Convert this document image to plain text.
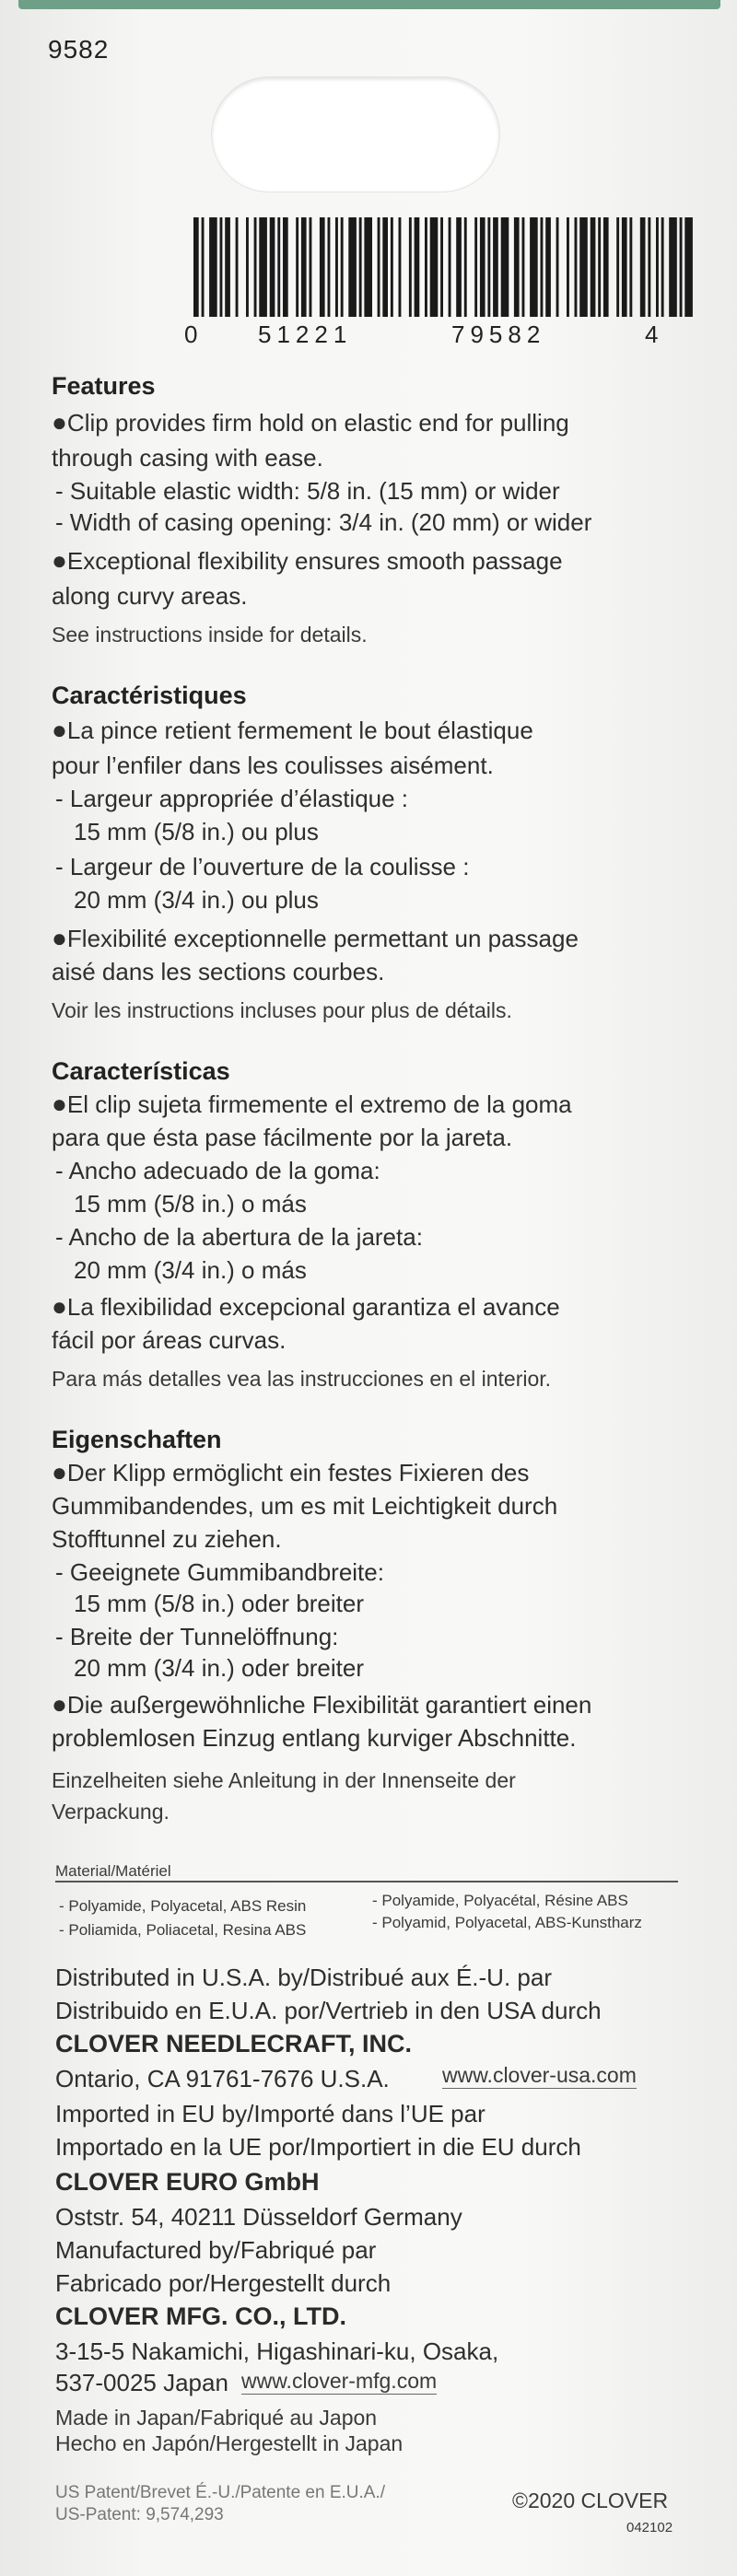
9582
0 51221	79582	4
Features
●Clip provides firm hold on elastic end for pulling
through casing with ease.
- Suitable elastic width: 5/8 in. (15 mm) or wider
- Width of casing opening: 3/4 in. (20 mm) or wider
●Exceptional flexibility ensures smooth passage
along curvy areas.
See instructions inside for details.
Caractéristiques
●La pince retient fermement le bout élastique
pour l’enfiler dans les coulisses aisément.
- Largeur appropriée d’élastique :
15 mm (5/8 in.) ou plus
- Largeur de l’ouverture de la coulisse :
20 mm (3/4 in.) ou plus
●Flexibilité exceptionnelle permettant un passage
aisé dans les sections courbes.
Voir les instructions incluses pour plus de détails.
Características
●El clip sujeta firmemente el extremo de la goma
para que ésta pase fácilmente por la jareta.
- Ancho adecuado de la goma:
15 mm (5/8 in.) o más
- Ancho de la abertura de la jareta:
20 mm (3/4 in.) o más
●La flexibilidad excepcional garantiza el avance
fácil por áreas curvas.
Para más detalles vea las instrucciones en el interior.
Eigenschaften
●Der Klipp ermöglicht ein festes Fixieren des
Gummibandendes, um es mit Leichtigkeit durch
Stofftunnel zu ziehen.
- Geeignete Gummibandbreite:
15 mm (5/8 in.) oder breiter
- Breite der Tunnelöffnung:
20 mm (3/4 in.) oder breiter
●Die außergewöhnliche Flexibilität garantiert einen
problemlosen Einzug entlang kurviger Abschnitte.
Einzelheiten siehe Anleitung in der Innenseite der
Verpackung.
Material/Matériel
- Polyamide, Polyacetal, ABS Resin
- Poliamida, Poliacetal, Resina ABS
- Polyamide, Polyacétal, Résine ABS
- Polyamid, Polyacetal, ABS-Kunstharz
Distributed in U.S.A. by/Distribué aux É.-U. par
Distribuido en E.U.A. por/Vertrieb in den USA durch
CLOVER NEEDLECRAFT, INC.
Ontario, CA 91761-7676 U.S.A. www.clover-usa.com
Imported in EU by/Importé dans l’UE par
Importado en la UE por/Importiert in die EU durch
CLOVER EURO GmbH
Oststr. 54, 40211 Düsseldorf Germany
Manufactured by/Fabriqué par
Fabricado por/Hergestellt durch
CLOVER MFG. CO., LTD.
3-15-5 Nakamichi, Higashinari-ku, Osaka,
537-0025 Japan www.clover-mfg.com
Made in Japan/Fabriqué au Japon
Hecho en Japón/Hergestellt in Japan
US Patent/Brevet É.-U./Patente en E.U.A./
US-Patent: 9,574,293
©2020 CLOVER
042102
